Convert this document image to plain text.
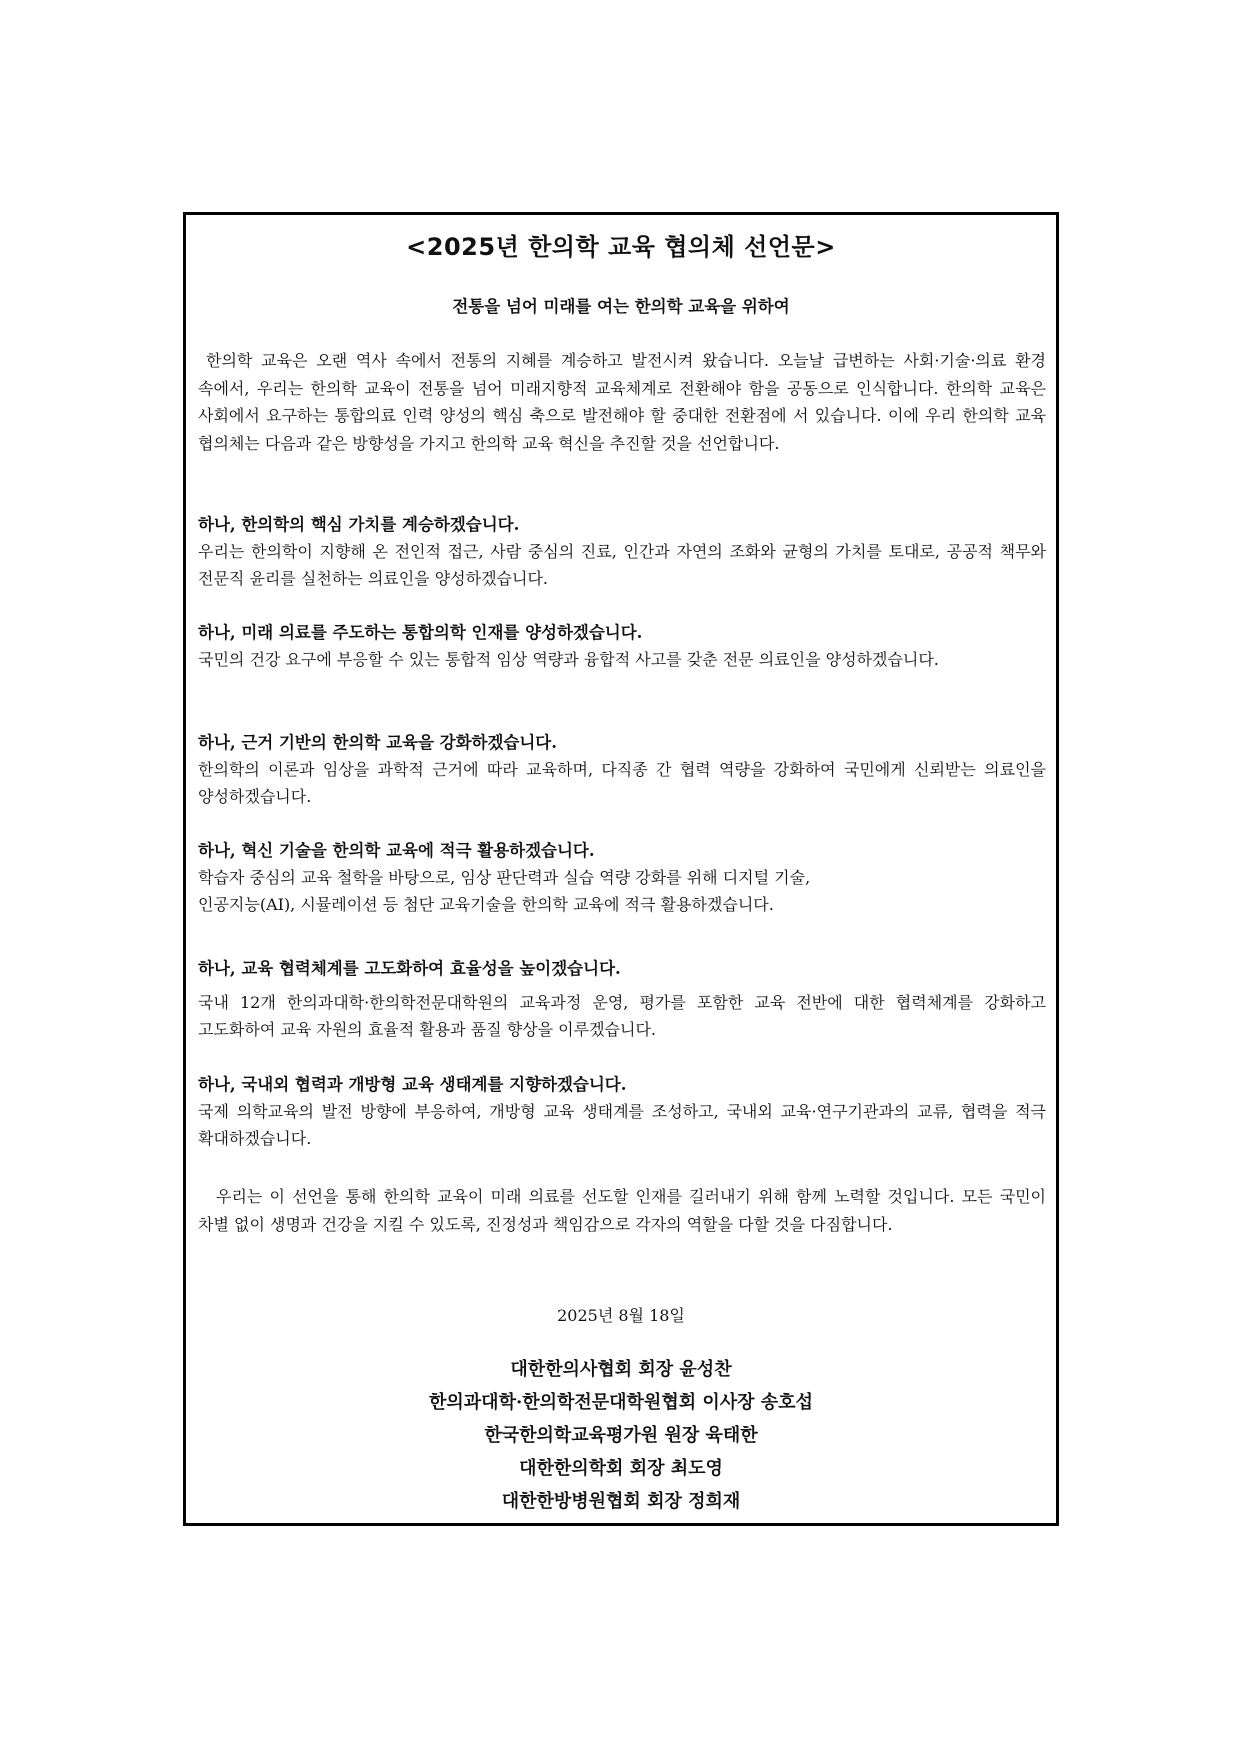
<2025년 한의학 교육 협의체 선언문>
전통을 넘어 미래를 여는 한의학 교육을 위하여
한의학 교육은 오랜 역사 속에서 전통의 지혜를 계승하고 발전시켜 왔습니다. 오늘날 급변하는 사회·기술·의료 환경 속에서, 우리는 한의학 교육이 전통을 넘어 미래지향적 교육체계로 전환해야 함을 공동으로 인식합니다. 한의학 교육은 사회에서 요구하는 통합의료 인력 양성의 핵심 축으로 발전해야 할 중대한 전환점에 서 있습니다. 이에 우리 한의학 교육 협의체는 다음과 같은 방향성을 가지고 한의학 교육 혁신을 추진할 것을 선언합니다.
하나, 한의학의 핵심 가치를 계승하겠습니다.

우리는 한의학이 지향해 온 전인적 접근, 사람 중심의 진료, 인간과 자연의 조화와 균형의 가치를 토대로, 공공적 책무와 전문직 윤리를 실천하는 의료인을 양성하겠습니다.

하나, 미래 의료를 주도하는 통합의학 인재를 양성하겠습니다.

국민의 건강 요구에 부응할 수 있는 통합적 임상 역량과 융합적 사고를 갖춘 전문 의료인을 양성하겠습니다.

하나, 근거 기반의 한의학 교육을 강화하겠습니다.

한의학의 이론과 임상을 과학적 근거에 따라 교육하며, 다직종 간 협력 역량을 강화하여 국민에게 신뢰받는 의료인을 양성하겠습니다.

하나, 혁신 기술을 한의학 교육에 적극 활용하겠습니다.

학습자 중심의 교육 철학을 바탕으로, 임상 판단력과 실습 역량 강화를 위해 디지털 기술,

인공지능(AI), 시뮬레이션 등 첨단 교육기술을 한의학 교육에 적극 활용하겠습니다.

하나, 교육 협력체계를 고도화하여 효율성을 높이겠습니다.

국내 12개 한의과대학·한의학전문대학원의 교육과정 운영, 평가를 포함한 교육 전반에 대한 협력체계를 강화하고 고도화하여 교육 자원의 효율적 활용과 품질 향상을 이루겠습니다.

하나, 국내외 협력과 개방형 교육 생태계를 지향하겠습니다.

국제 의학교육의 발전 방향에 부응하여, 개방형 교육 생태계를 조성하고, 국내외 교육·연구기관과의 교류, 협력을 적극 확대하겠습니다.

우리는 이 선언을 통해 한의학 교육이 미래 의료를 선도할 인재를 길러내기 위해 함께 노력할 것입니다. 모든 국민이 차별 없이 생명과 건강을 지킬 수 있도록, 진정성과 책임감으로 각자의 역할을 다할 것을 다짐합니다.
2025년 8월 18일
대한한의사협회 회장 윤성찬
한의과대학·한의학전문대학원협회 이사장 송호섭
한국한의학교육평가원 원장 육태한
대한한의학회 회장 최도영
대한한방병원협회 회장 정희재
